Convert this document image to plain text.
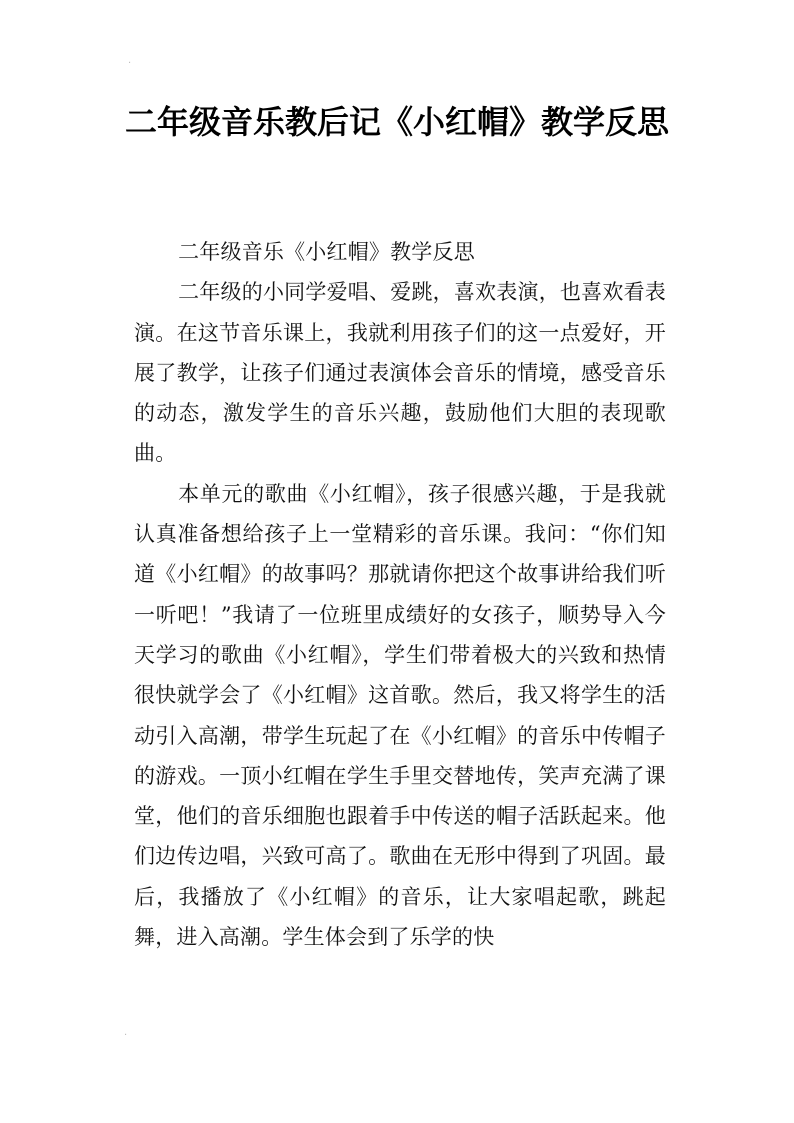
·
二年级音乐教后记《小红帽》教学反思

二年级音乐《小红帽》教学反思

二年级的小同学爱唱、爱跳，喜欢表演，也喜欢看表演。在这节音乐课上，我就利用孩子们的这一点爱好，开展了教学，让孩子们通过表演体会音乐的情境，感受音乐的动态，激发学生的音乐兴趣，鼓励他们大胆的表现歌曲。

本单元的歌曲《小红帽》，孩子很感兴趣，于是我就认真准备想给孩子上一堂精彩的音乐课。我问：“你们知道《小红帽》的故事吗？那就请你把这个故事讲给我们听一听吧！”我请了一位班里成绩好的女孩子，顺势导入今天学习的歌曲《小红帽》，学生们带着极大的兴致和热情很快就学会了《小红帽》这首歌。然后，我又将学生的活动引入高潮，带学生玩起了在《小红帽》的音乐中传帽子的游戏。一顶小红帽在学生手里交替地传，笑声充满了课堂，他们的音乐细胞也跟着手中传送的帽子活跃起来。他们边传边唱，兴致可高了。歌曲在无形中得到了巩固。最后，我播放了《小红帽》的音乐，让大家唱起歌，跳起舞，进入高潮。学生体会到了乐学的快

·
